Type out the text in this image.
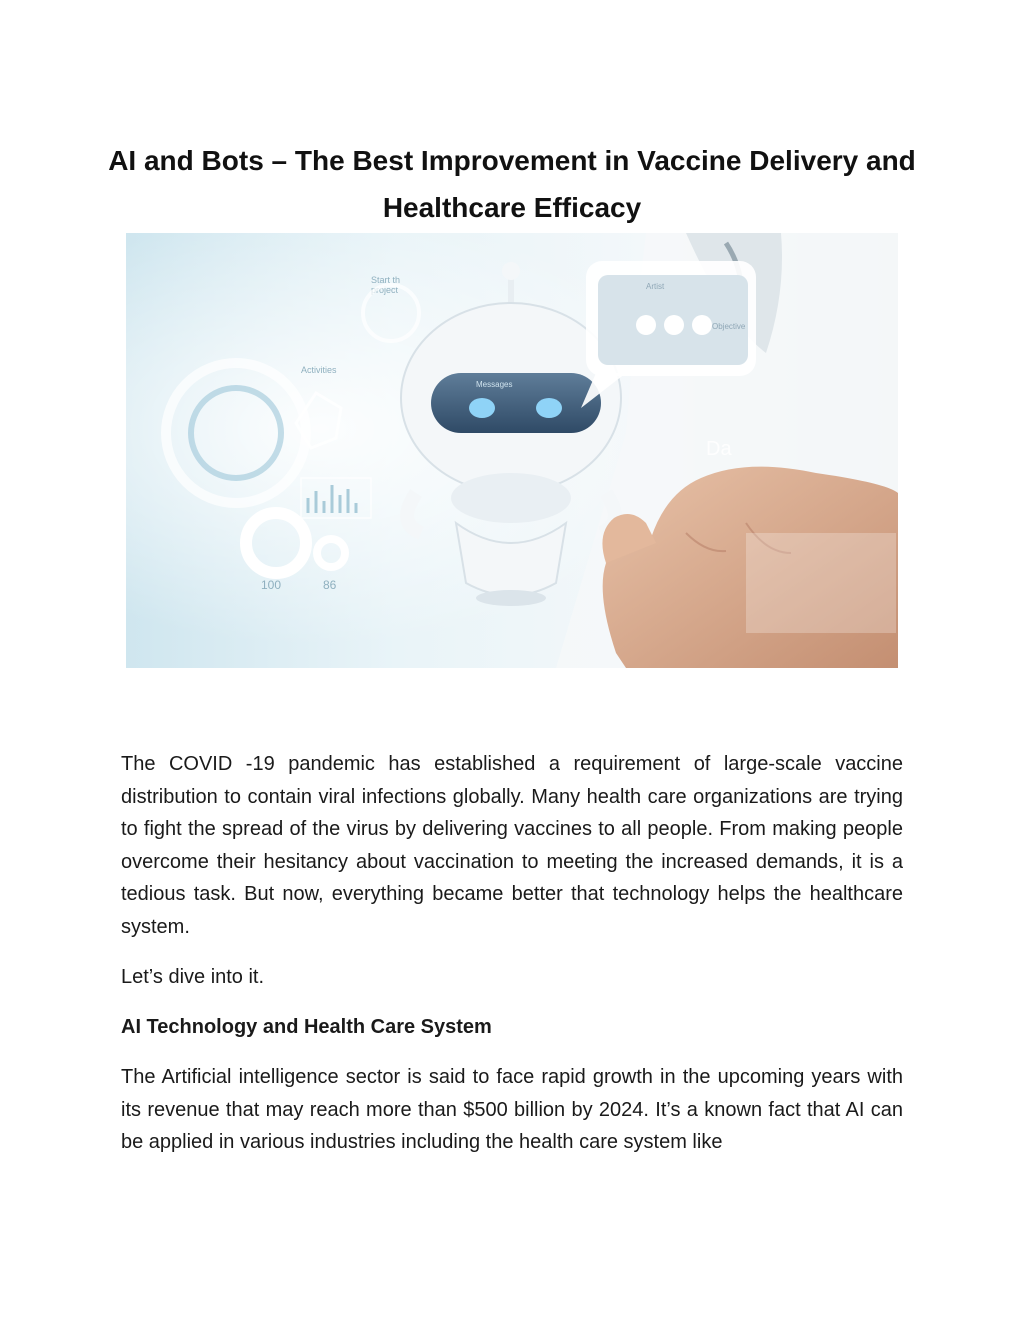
AI and Bots – The Best Improvement in Vaccine Delivery and Healthcare Efficacy
100	86
Start th
project
Activities
Messages
Artist
Objective
Da

The COVID -19 pandemic has established a requirement of large-scale vaccine distribution to contain viral infections globally. Many health care organizations are trying to fight the spread of the virus by delivering vaccines to all people. From making people overcome their hesitancy about vaccination to meeting the increased demands, it is a tedious task. But now, everything became better that technology helps the healthcare system.

Let’s dive into it.

AI Technology and Health Care System

The Artificial intelligence sector is said to face rapid growth in the upcoming years with its revenue that may reach more than $500 billion by 2024. It’s a known fact that AI can be applied in various industries including the health care system like
